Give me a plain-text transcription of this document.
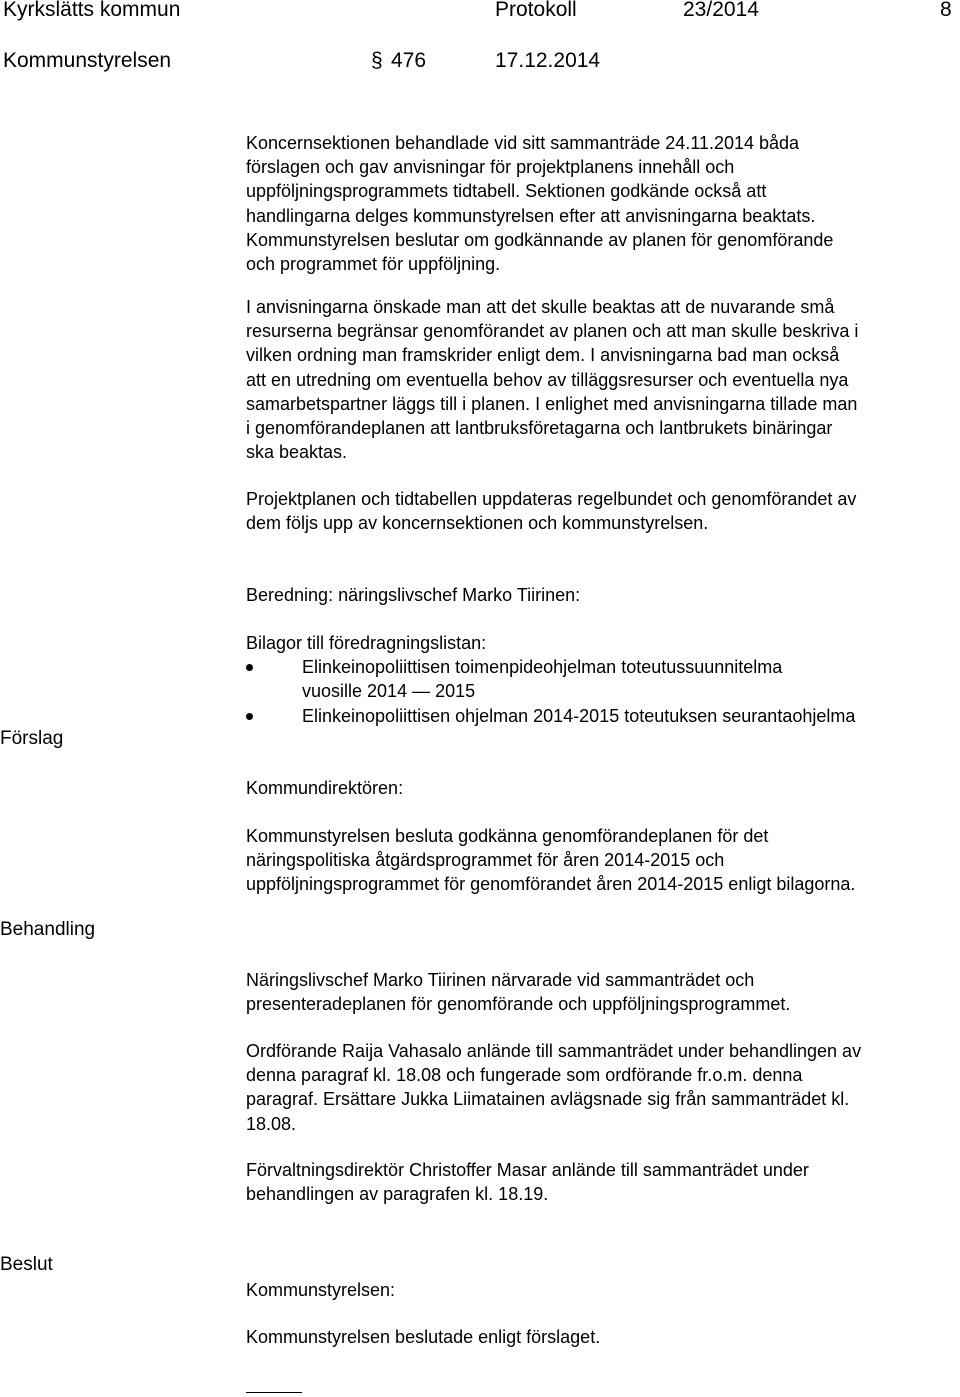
Kyrkslätts kommun	Protokoll	23/2014	8
Kommunstyrelsen	§ 476	17.12.2014
Koncernsektionen behandlade vid sitt sammanträde 24.11.2014 båda
förslagen och gav anvisningar för projektplanens innehåll och
uppföljningsprogrammets tidtabell. Sektionen godkände också att
handlingarna delges kommunstyrelsen efter att anvisningarna beaktats.
Kommunstyrelsen beslutar om godkännande av planen för genomförande
och programmet för uppföljning.
I anvisningarna önskade man att det skulle beaktas att de nuvarande små
resurserna begränsar genomförandet av planen och att man skulle beskriva i
vilken ordning man framskrider enligt dem. I anvisningarna bad man också
att en utredning om eventuella behov av tilläggsresurser och eventuella nya
samarbetspartner läggs till i planen. I enlighet med anvisningarna tillade man
i genomförandeplanen att lantbruksföretagarna och lantbrukets binäringar
ska beaktas.
Projektplanen och tidtabellen uppdateras regelbundet och genomförandet av
dem följs upp av koncernsektionen och kommunstyrelsen.
Beredning: näringslivschef Marko Tiirinen:
Bilagor till föredragningslistan:
Elinkeinopoliittisen toimenpideohjelman toteutussuunnitelma
vuosille 2014 — 2015
Elinkeinopoliittisen ohjelman 2014-2015 toteutuksen seurantaohjelma
Förslag
Kommundirektören:
Kommunstyrelsen besluta godkänna genomförandeplanen för det
näringspolitiska åtgärdsprogrammet för åren 2014-2015 och
uppföljningsprogrammet för genomförandet åren 2014-2015 enligt bilagorna.
Behandling
Näringslivschef Marko Tiirinen närvarade vid sammanträdet och
presenteradeplanen för genomförande och uppföljningsprogrammet.
Ordförande Raija Vahasalo anlände till sammanträdet under behandlingen av
denna paragraf kl. 18.08 och fungerade som ordförande fr.o.m. denna
paragraf. Ersättare Jukka Liimatainen avlägsnade sig från sammanträdet kl.
18.08.
Förvaltningsdirektör Christoffer Masar anlände till sammanträdet under
behandlingen av paragrafen kl. 18.19.
Beslut
Kommunstyrelsen:
Kommunstyrelsen beslutade enligt förslaget.
